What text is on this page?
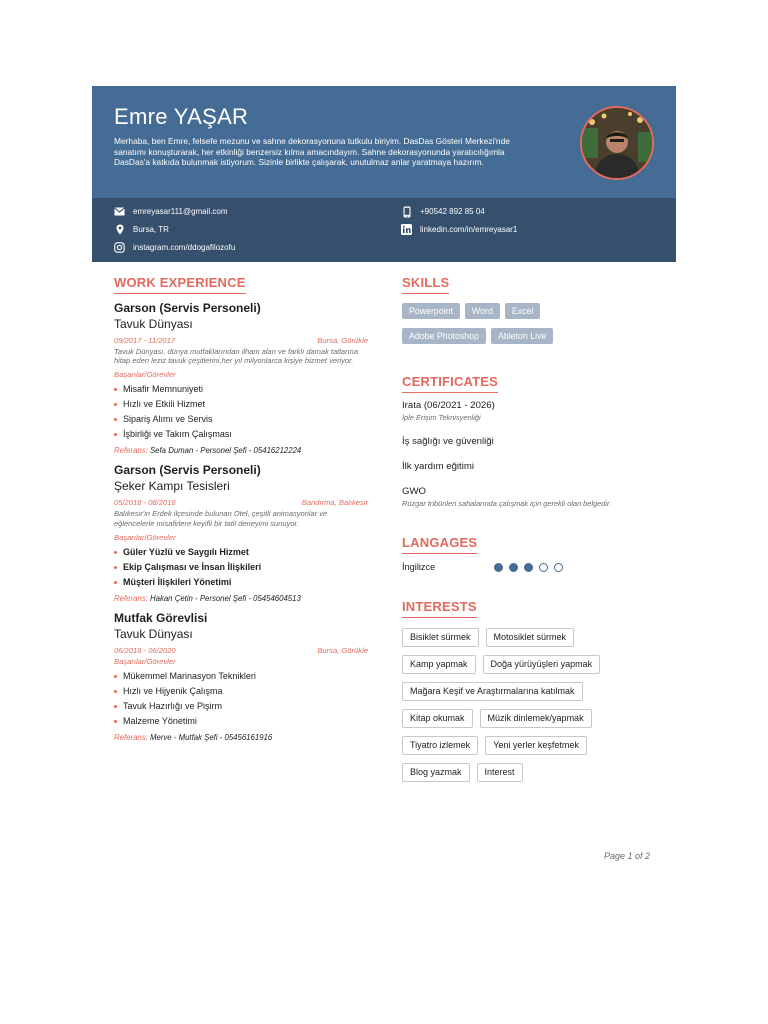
Emre YAŞAR
Merhaba, ben Emre, felsefe mezunu ve sahne dekorasyonuna tutkulu biriyim. DasDas Gösteri Merkezi'nde sanatımı konuşturarak, her etkinliği benzersiz kılma amacındayım. Sahne dekorasyonunda yaratıcılığımla DasDas'a katkıda bulunmak istiyorum. Sizinle birlikte çalışarak, unutulmaz anlar yaratmaya hazırım.
emreyasar111@gmail.com
Bursa, TR
instagram.com/ddogafilozofu
+90542 892 85 04
linkedin.com/in/emreyasar1
WORK EXPERIENCE
Garson (Servis Personeli)
Tavuk Dünyası
09/2017 - 11/2017	Bursa, Görükle
Tavuk Dünyası, dünya mutfaklarından ilham alan ve farklı damak tatlarına hitap eden leziz tavuk çeşitlerini,her yıl milyonlarca kişiye hizmet veriyor.
Başarılar/Görevler
Misafir Memnuniyeti
Hızlı ve Etkili Hizmet
Sipariş Alımı ve Servis
İşbirliği ve Takım Çalışması
Referans: Sefa Duman - Personel Şefi - 05416212224
Garson (Servis Personeli)
Şeker Kampı Tesisleri
05/2018 - 08/2018	Bandırma, Balıkesir
Balıkesir'in Erdek ilçesinde bulunan Otel, çeşitli animasyonlar ve eğlencelerle misafirlere keyifli bir tatil deneyimi sunuyor.
Başarılar/Görevler
Güler Yüzlü ve Saygılı Hizmet
Ekip Çalışması ve İnsan İlişkileri
Müşteri İlişkileri Yönetimi
Referans: Hakan Çetin - Personel Şefi - 05454604513
Mutfak Görevlisi
Tavuk Dünyası
06/2018 - 06/2020	Bursa, Görükle
Başarılar/Görevler
Mükemmel Marinasyon Teknikleri
Hızlı ve Hijyenik Çalışma
Tavuk Hazırlığı ve Pişirm
Malzeme Yönetimi
Referans: Merve - Mutfak Şefi - 05456161916
SKILLS
Powerpoint	Word	Excel
Adobe Photoshop	Ableton Live
CERTIFICATES
Irata (06/2021 - 2026)
İple Erişim Teknisyenliği
İş sağlığı ve güvenliği
İlk yardım eğitimi
GWO
Rüzgar tribünleri sahalarında çalışmak için gerekli olan belgedir.
LANGAGES
İngilizce
INTERESTS
Bisiklet sürmek	Motosiklet sürmek
Kamp yapmak	Doğa yürüyüşleri yapmak
Mağara Keşif ve Araştırmalarına katılmak
Kitap okumak	Müzik dinlemek/yapmak
Tiyatro izlemek	Yeni yerler keşfetmek
Blog yazmak	Interest
Page 1 of 2
